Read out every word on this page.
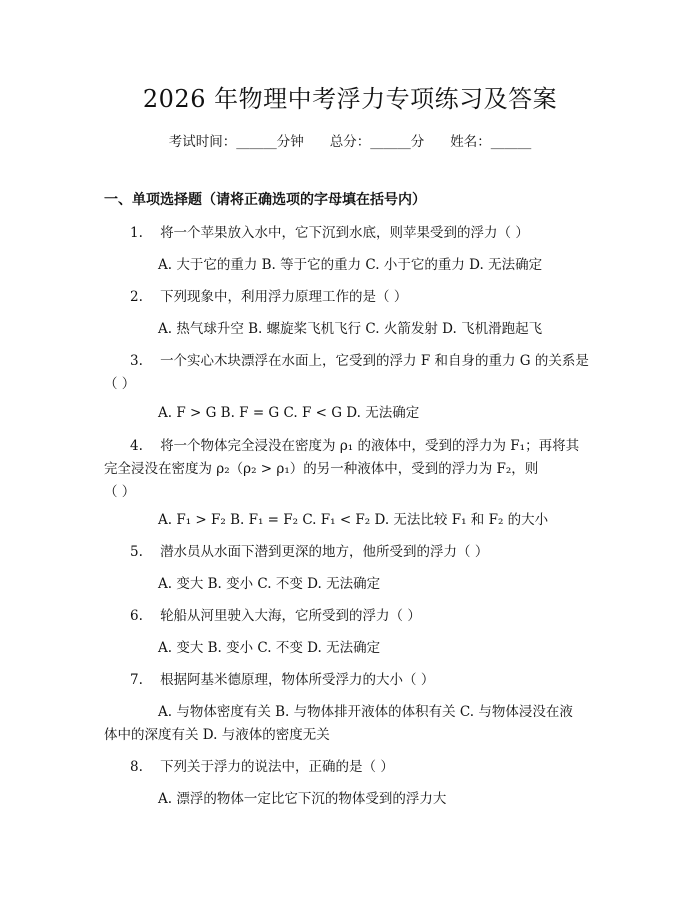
2026 年物理中考浮力专项练习及答案
考试时间：______分钟 总分：______分 姓名：______
一、单项选择题（请将正确选项的字母填在括号内）
1. 将一个苹果放入水中，它下沉到水底，则苹果受到的浮力（ ）
A. 大于它的重力 B. 等于它的重力 C. 小于它的重力 D. 无法确定
2. 下列现象中，利用浮力原理工作的是（ ）
A. 热气球升空 B. 螺旋桨飞机飞行 C. 火箭发射 D. 飞机滑跑起飞
3. 一个实心木块漂浮在水面上，它受到的浮力 F 和自身的重力 G 的关系是
（ ）
A. F > G B. F = G C. F < G D. 无法确定
4. 将一个物体完全浸没在密度为 ρ₁ 的液体中，受到的浮力为 F₁；再将其
完全浸没在密度为 ρ₂（ρ₂ > ρ₁）的另一种液体中，受到的浮力为 F₂，则
（ ）
A. F₁ > F₂ B. F₁ = F₂ C. F₁ < F₂ D. 无法比较 F₁ 和 F₂ 的大小
5. 潜水员从水面下潜到更深的地方，他所受到的浮力（ ）
A. 变大 B. 变小 C. 不变 D. 无法确定
6. 轮船从河里驶入大海，它所受到的浮力（ ）
A. 变大 B. 变小 C. 不变 D. 无法确定
7. 根据阿基米德原理，物体所受浮力的大小（ ）
A. 与物体密度有关 B. 与物体排开液体的体积有关 C. 与物体浸没在液
体中的深度有关 D. 与液体的密度无关
8. 下列关于浮力的说法中，正确的是（ ）
A. 漂浮的物体一定比它下沉的物体受到的浮力大
